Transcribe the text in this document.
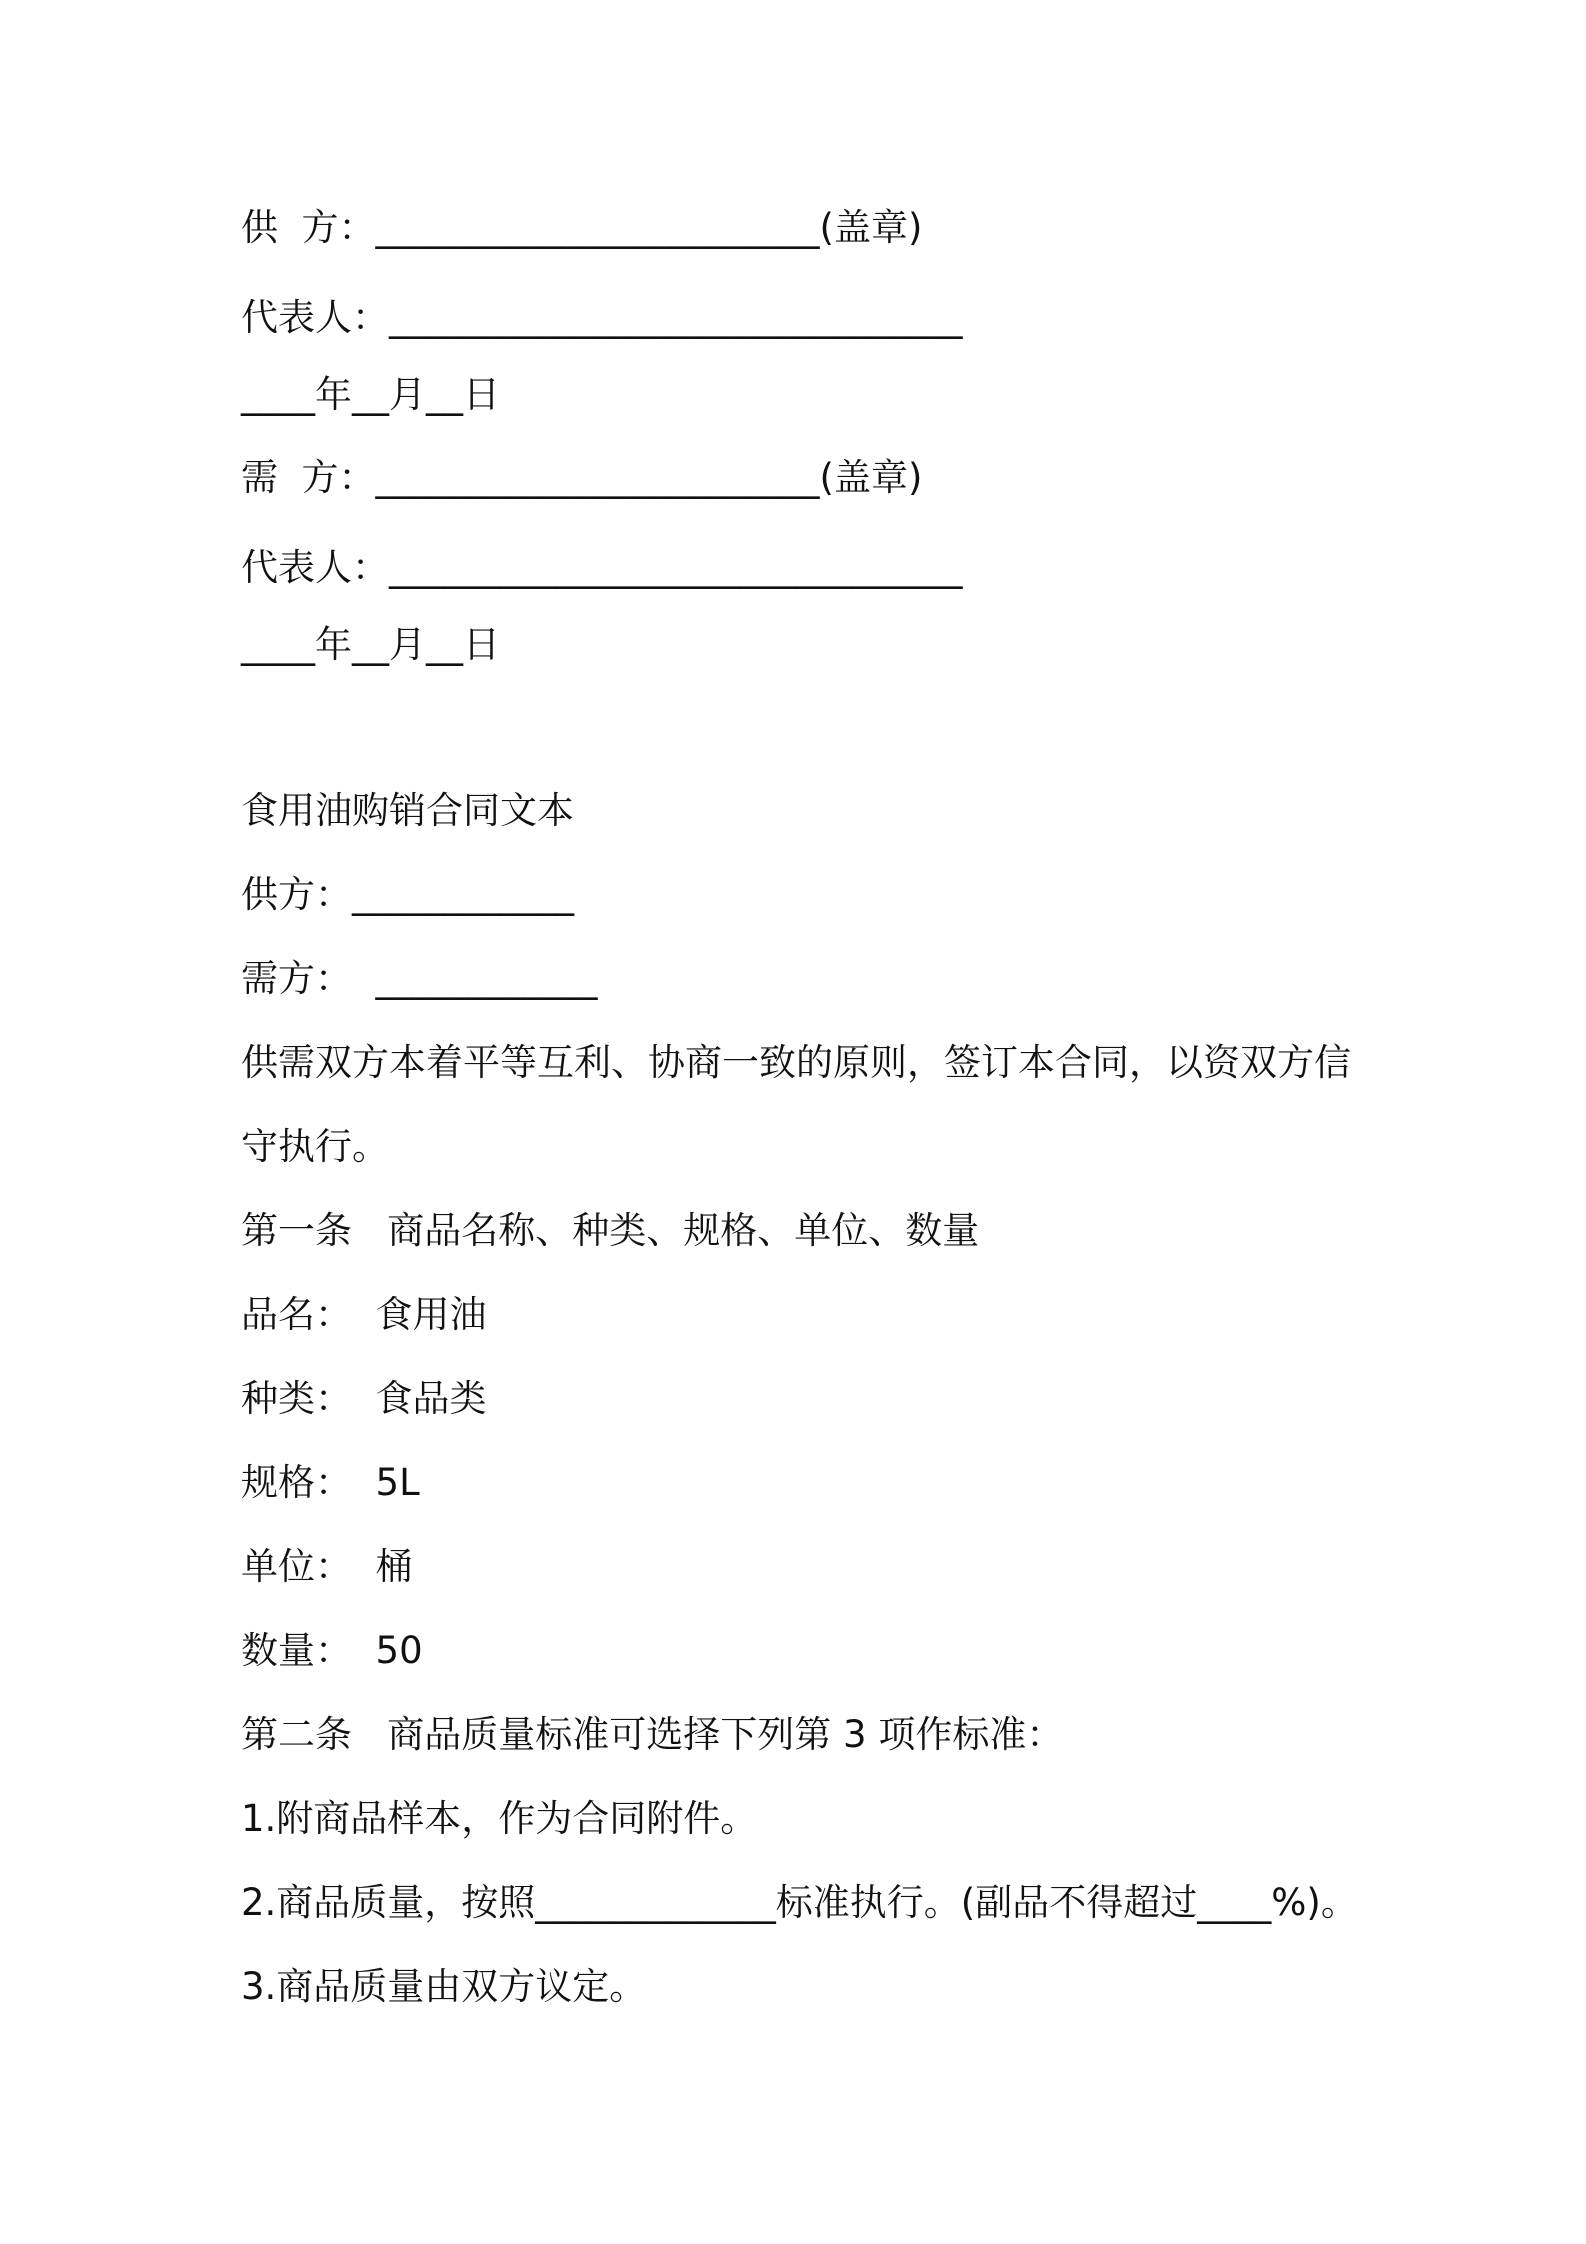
供  方：________________________(盖章)
代表人：_______________________________
____年__月__日
需  方：________________________(盖章)
代表人：_______________________________
____年__月__日
食用油购销合同文本
供方：____________
需方：  ____________
供需双方本着平等互利、协商一致的原则，签订本合同，以资双方信
守执行。
第一条   商品名称、种类、规格、单位、数量
品名：  食用油
种类：  食品类
规格：  5L
单位：  桶
数量：  50
第二条   商品质量标准可选择下列第 3 项作标准：
1.附商品样本，作为合同附件。
2.商品质量，按照_____________标准执行。(副品不得超过____%)。
3.商品质量由双方议定。
